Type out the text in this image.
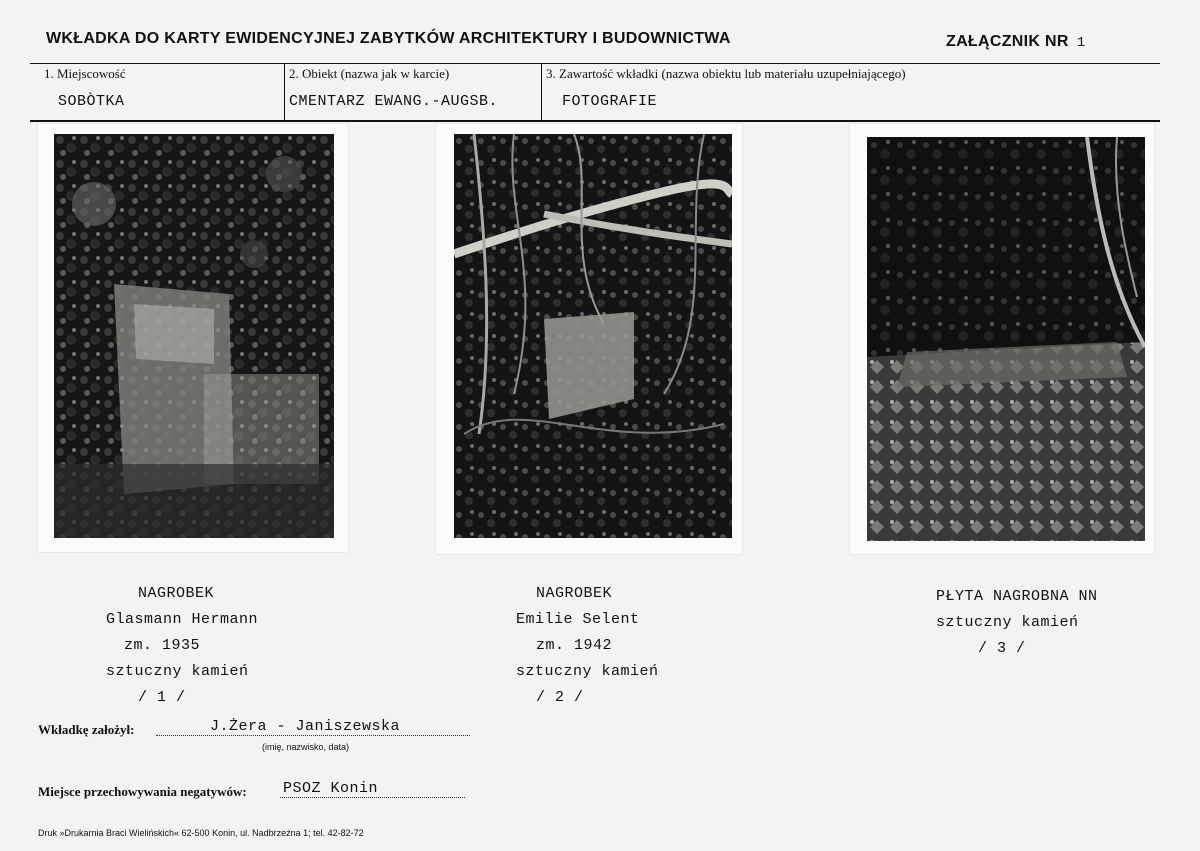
WKŁADKA DO KARTY EWIDENCYJNEJ ZABYTKÓW ARCHITEKTURY I BUDOWNICTWA	ZAŁĄCZNIK NR 1
1. Miejscowość
SOBÒTKA
2. Obiekt (nazwa jak w karcie)
CMENTARZ EWANG.-AUGSB.
3. Zawartość wkładki (nazwa obiektu lub materiału uzupełniającego)
FOTOGRAFIE
NAGROBEK
Glasmann Hermann
zm. 1935
sztuczny kamień
/ 1 /
NAGROBEK
Emilie Selent
zm. 1942
sztuczny kamień
/ 2 /
PŁYTA NAGROBNA NN
sztuczny kamień
/ 3 /
Wkładkę założył:	J.Żera - Janiszewska
(imię, nazwisko, data)
Miejsce przechowywania negatywów: PSOZ Konin
Druk »Drukarnia Braci Wielińskich« 62-500 Konin, ul. Nadbrzeżna 1; tel. 42-82-72
